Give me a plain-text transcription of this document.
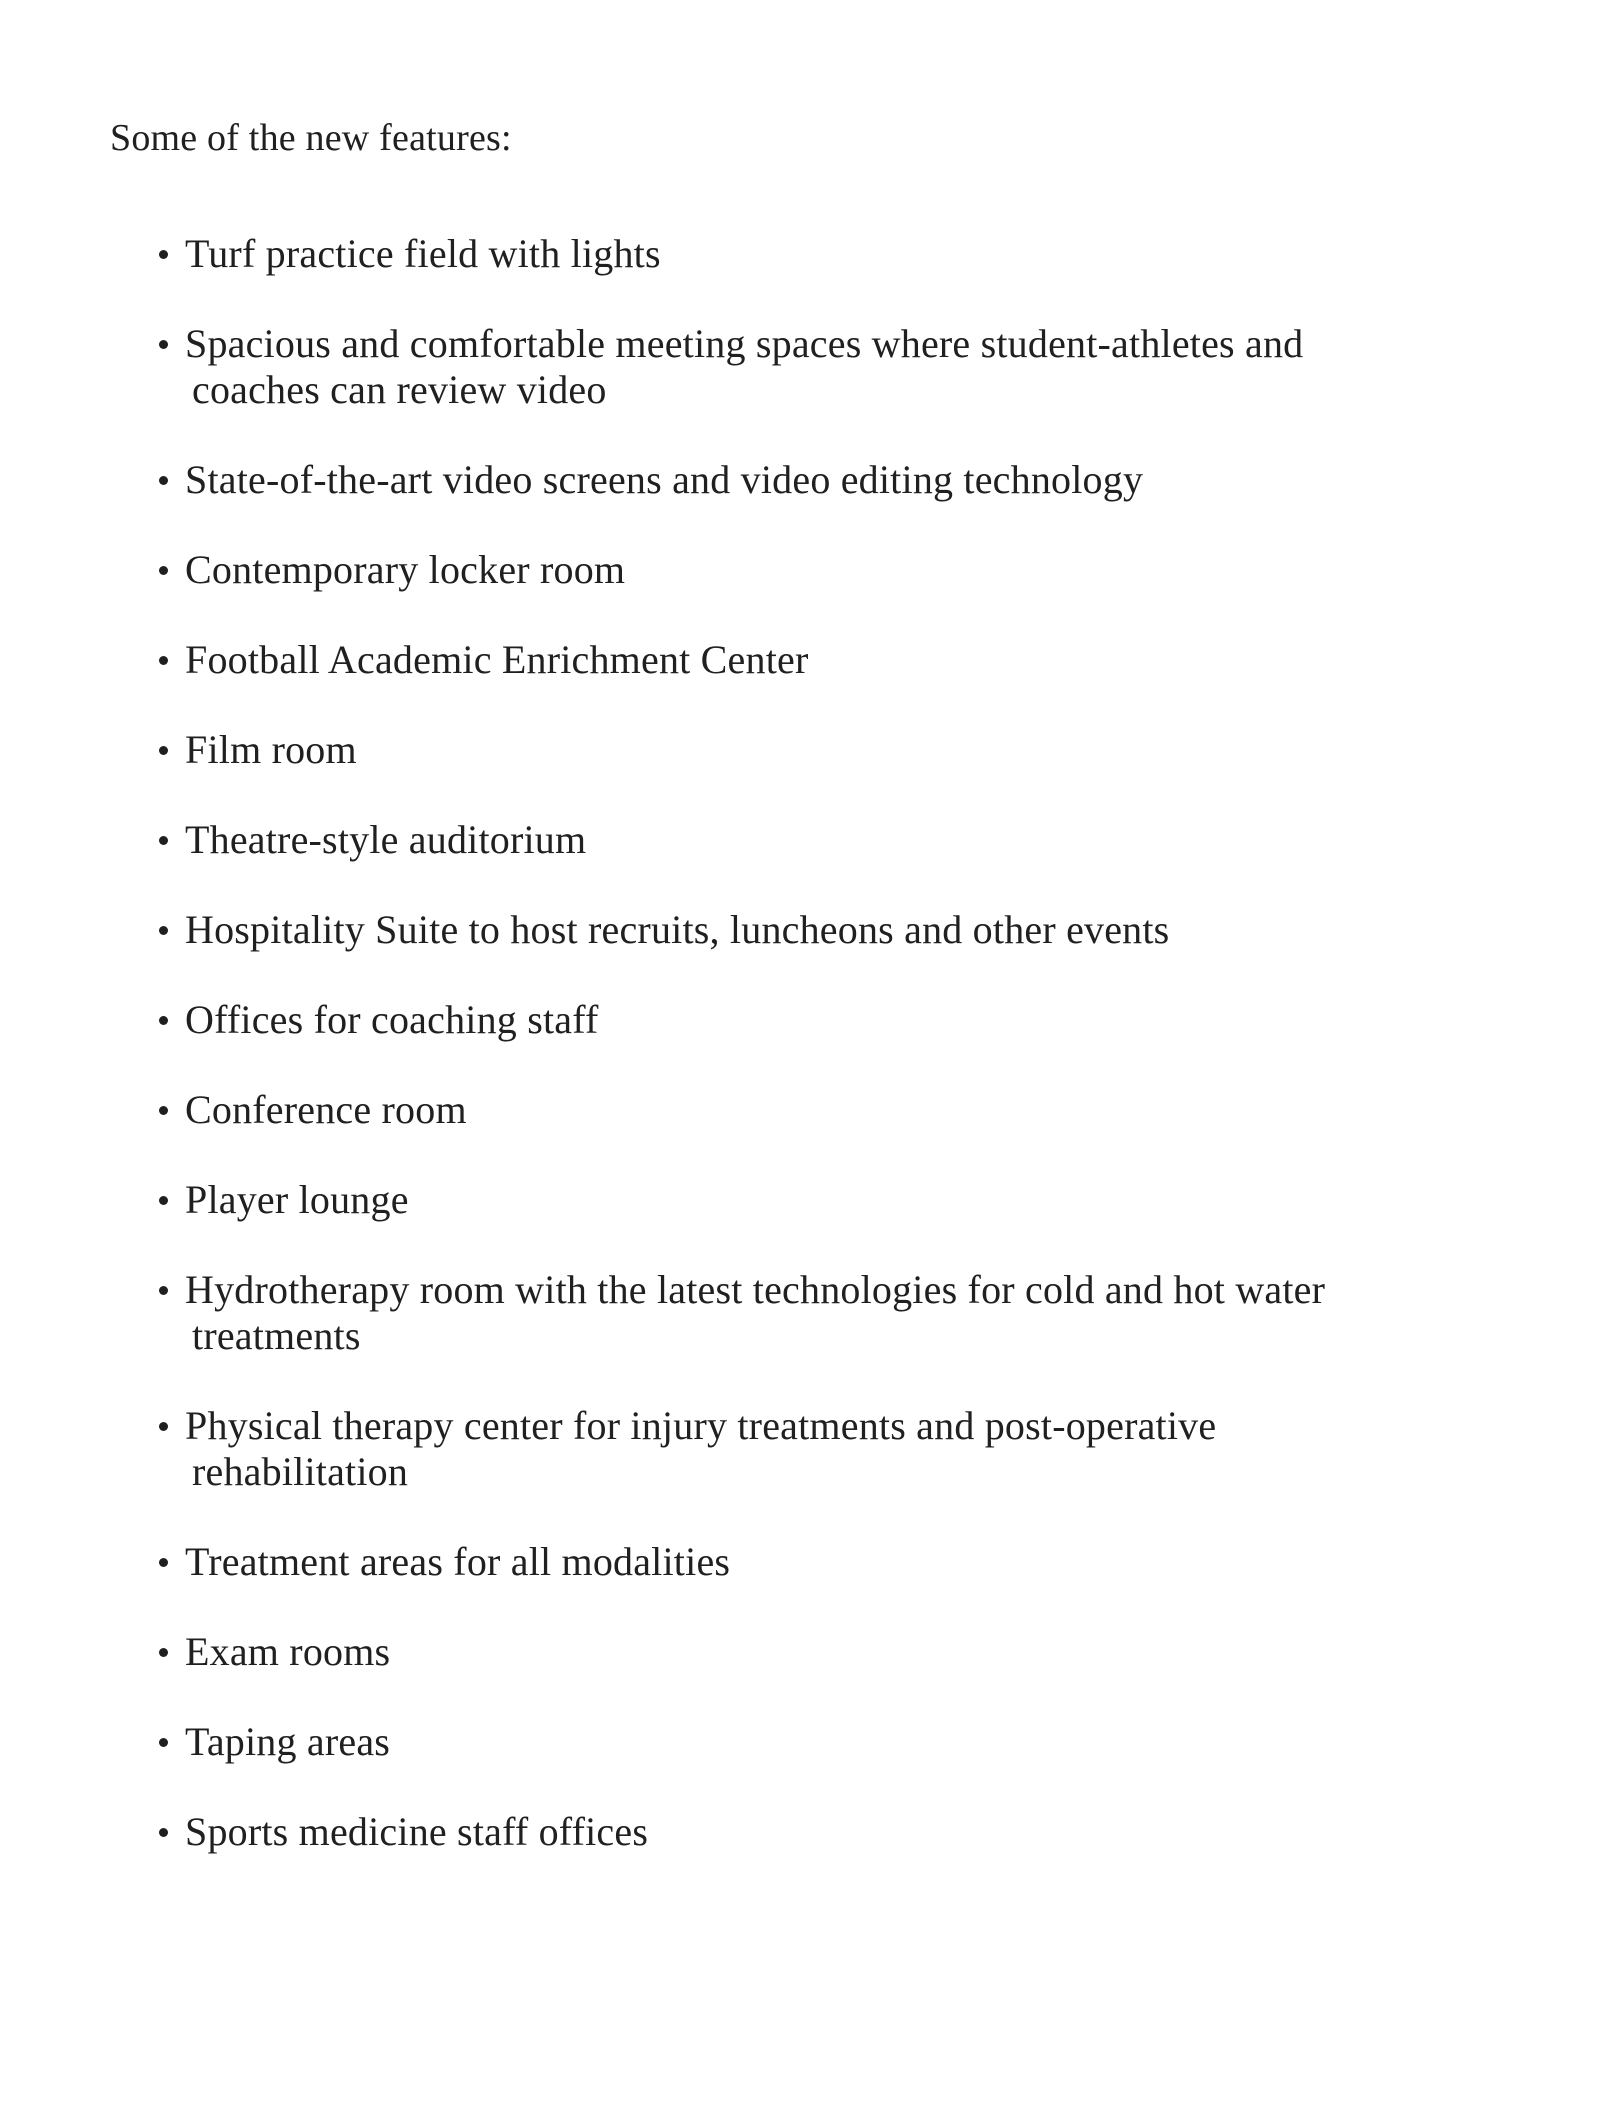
Some of the new features:
Turf practice field with lights
Spacious and comfortable meeting spaces where student-athletes and
coaches can review video
State-of-the-art video screens and video editing technology
Contemporary locker room
Football Academic Enrichment Center
Film room
Theatre-style auditorium
Hospitality Suite to host recruits, luncheons and other events
Offices for coaching staff
Conference room
Player lounge
Hydrotherapy room with the latest technologies for cold and hot water
treatments
Physical therapy center for injury treatments and post-operative
rehabilitation
Treatment areas for all modalities
Exam rooms
Taping areas
Sports medicine staff offices
